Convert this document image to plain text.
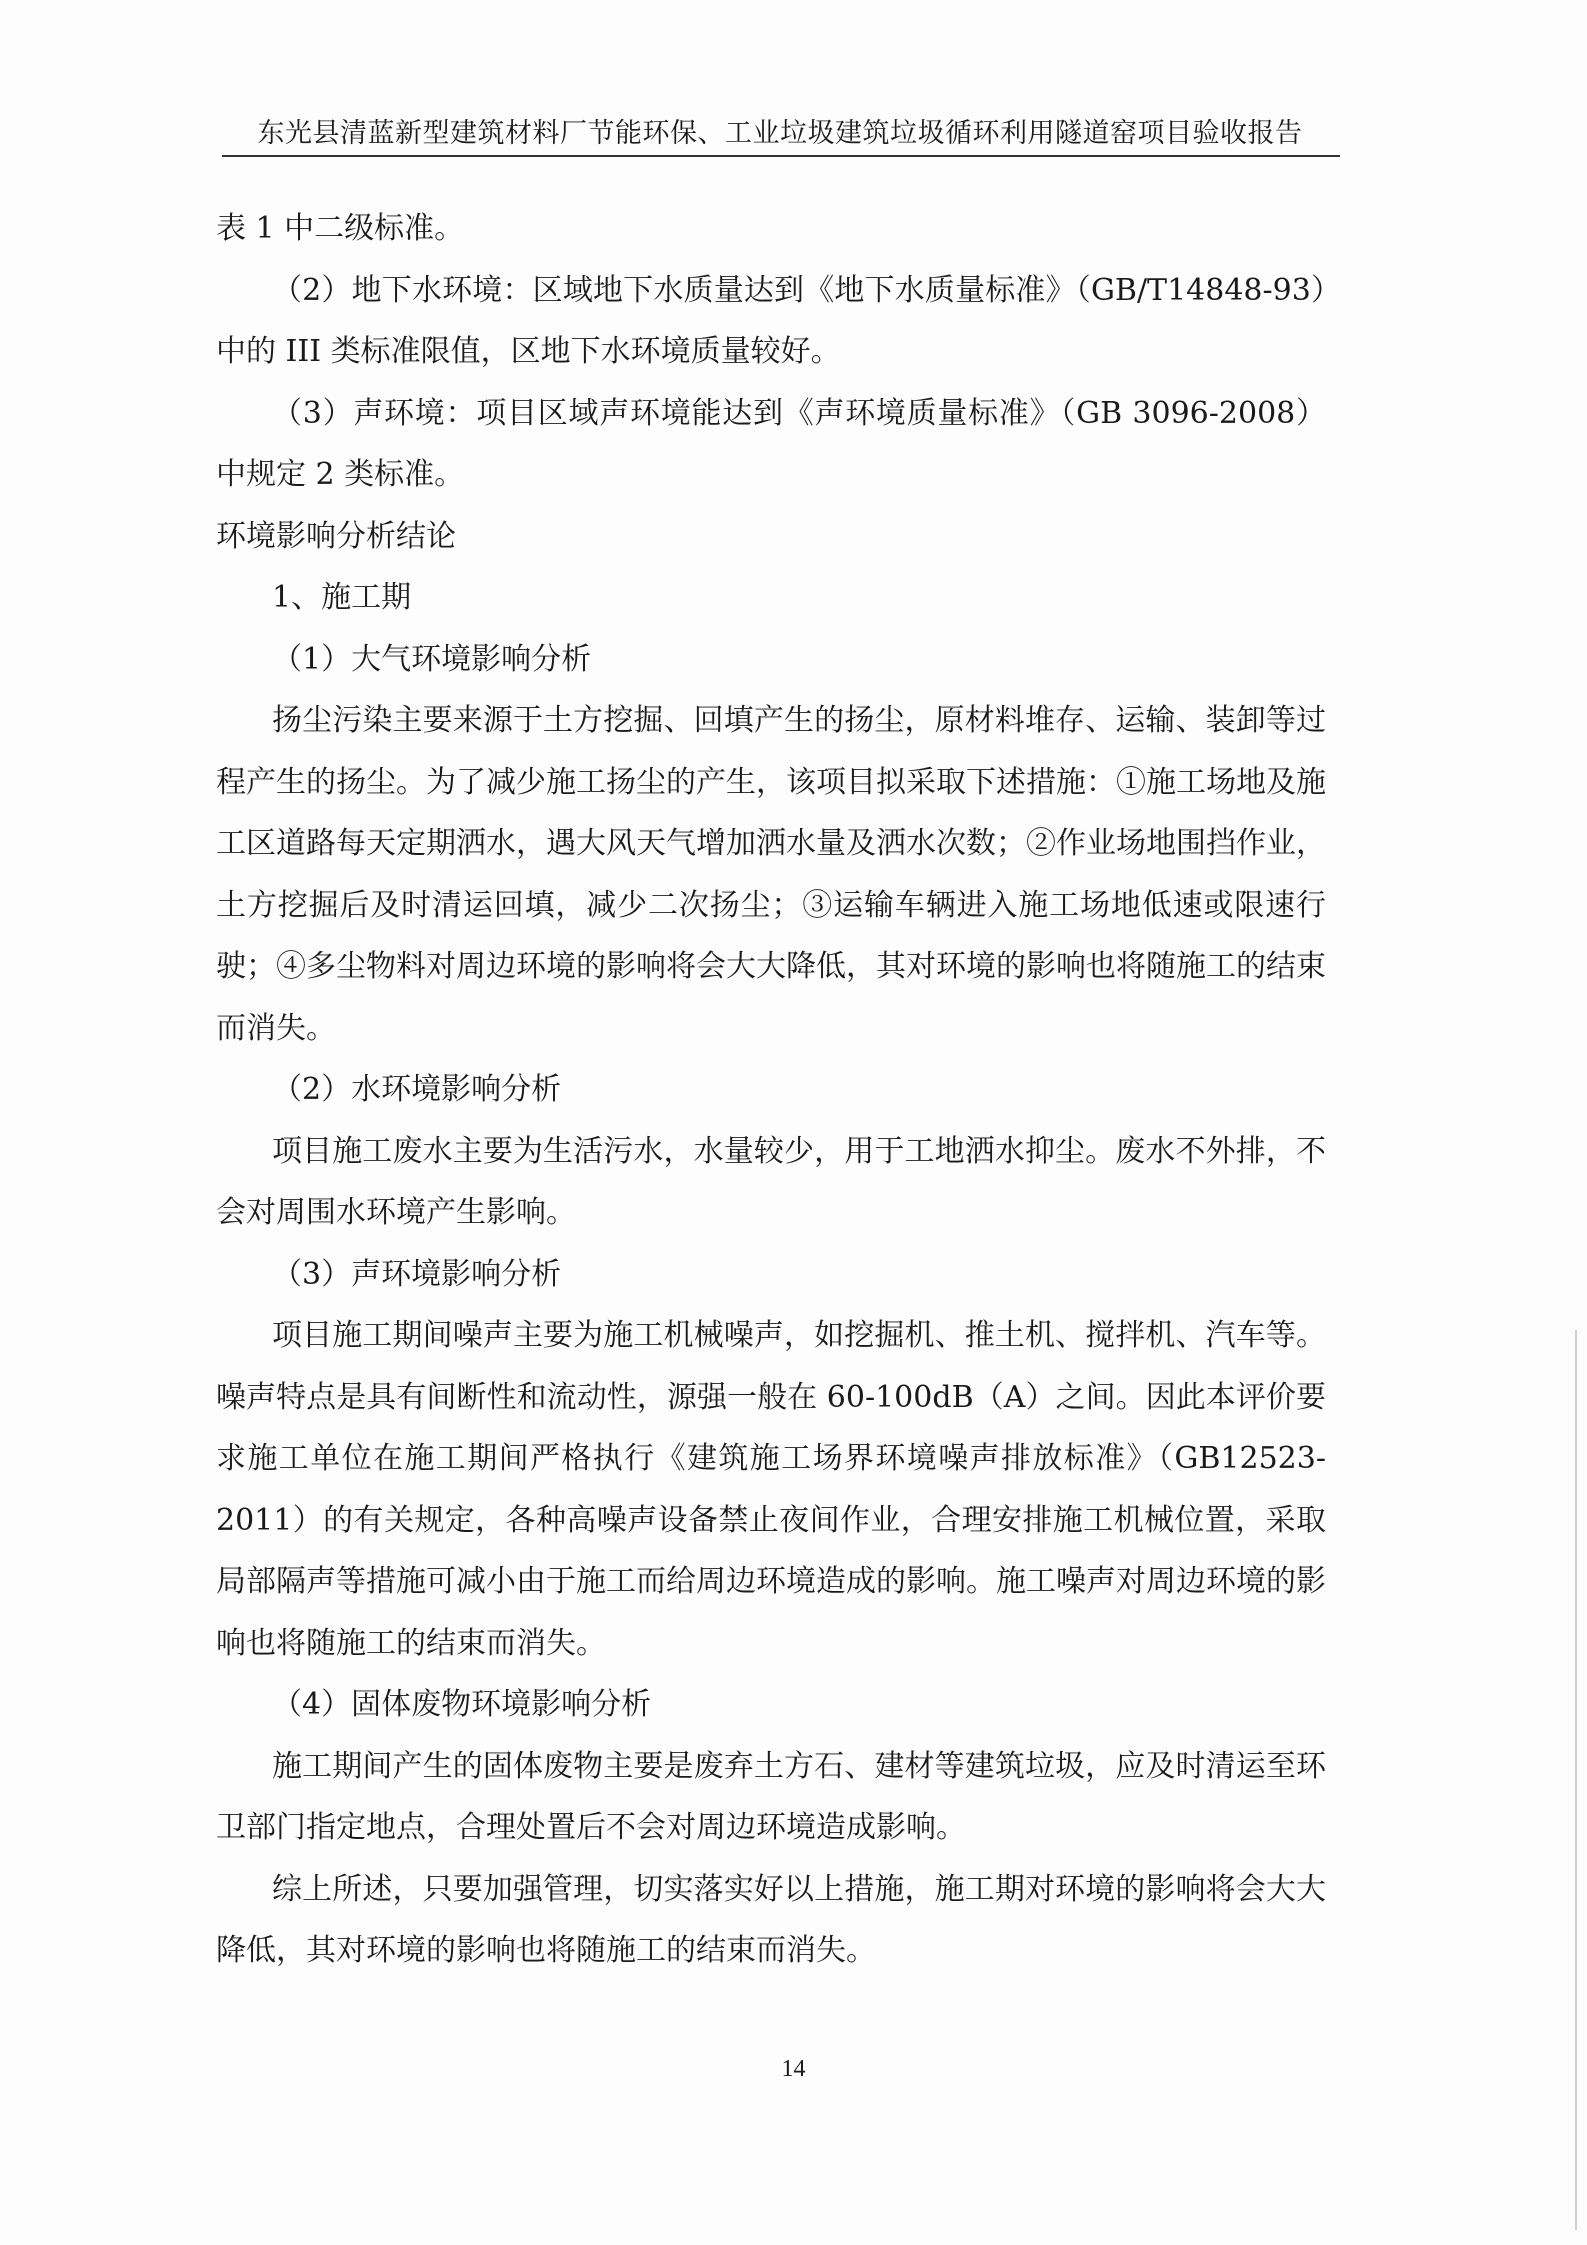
东光县清蓝新型建筑材料厂节能环保、工业垃圾建筑垃圾循环利用隧道窑项目验收报告

表 1 中二级标准。

（2）地下水环境：区域地下水质量达到《地下水质量标准》（GB/T14848-93）中的 III 类标准限值，区地下水环境质量较好。

（3）声环境：项目区域声环境能达到《声环境质量标准》（GB 3096-2008）中规定 2 类标准。

环境影响分析结论

1、施工期

（1）大气环境影响分析

扬尘污染主要来源于土方挖掘、回填产生的扬尘，原材料堆存、运输、装卸等过程产生的扬尘。为了减少施工扬尘的产生，该项目拟采取下述措施：①施工场地及施工区道路每天定期洒水，遇大风天气增加洒水量及洒水次数；②作业场地围挡作业，土方挖掘后及时清运回填，减少二次扬尘；③运输车辆进入施工场地低速或限速行驶；④多尘物料对周边环境的影响将会大大降低，其对环境的影响也将随施工的结束而消失。

（2）水环境影响分析

项目施工废水主要为生活污水，水量较少，用于工地洒水抑尘。废水不外排，不会对周围水环境产生影响。

（3）声环境影响分析

项目施工期间噪声主要为施工机械噪声，如挖掘机、推土机、搅拌机、汽车等。噪声特点是具有间断性和流动性，源强一般在 60-100dB（A）之间。因此本评价要求施工单位在施工期间严格执行《建筑施工场界环境噪声排放标准》（GB12523-2011）的有关规定，各种高噪声设备禁止夜间作业，合理安排施工机械位置，采取局部隔声等措施可减小由于施工而给周边环境造成的影响。施工噪声对周边环境的影响也将随施工的结束而消失。

（4）固体废物环境影响分析

施工期间产生的固体废物主要是废弃土方石、建材等建筑垃圾，应及时清运至环卫部门指定地点，合理处置后不会对周边环境造成影响。

综上所述，只要加强管理，切实落实好以上措施，施工期对环境的影响将会大大降低，其对环境的影响也将随施工的结束而消失。

14
